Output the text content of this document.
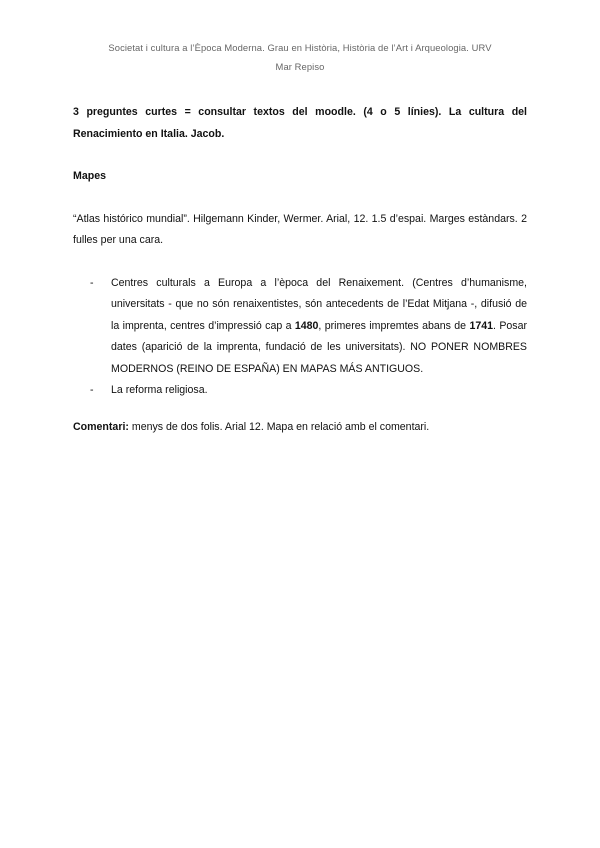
Societat i cultura a l’Època Moderna. Grau en Història, Història de l’Art i Arqueologia. URV
Mar Repiso

3 preguntes curtes = consultar textos del moodle. (4 o 5 línies). La cultura del Renacimiento en Italia. Jacob.

Mapes

“Atlas histórico mundial”. Hilgemann Kinder, Wermer. Arial, 12. 1.5 d’espai. Marges estàndars. 2 fulles per una cara.

- Centres culturals a Europa a l’època del Renaixement. (Centres d’humanisme, universitats - que no són renaixentistes, són antecedents de l’Edat Mitjana -, difusió de la imprenta, centres d’impressió cap a 1480, primeres impremtes abans de 1741. Posar dates (aparició de la imprenta, fundació de les universitats). NO PONER NOMBRES MODERNOS (REINO DE ESPAÑA) EN MAPAS MÁS ANTIGUOS.
- La reforma religiosa.

Comentari: menys de dos folis. Arial 12. Mapa en relació amb el comentari.
